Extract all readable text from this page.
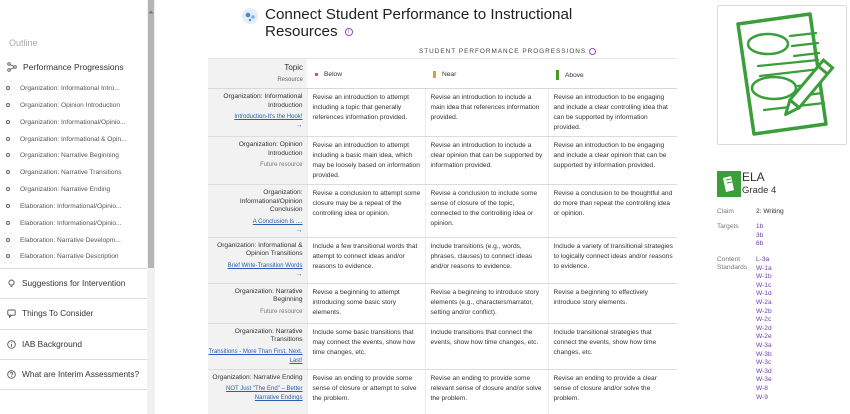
Outline
Performance Progressions
Organization: Informational Intro...
Organization: Opinion Introduction
Organization: Informational/Opinio...
Organization: Informational & Opin...
Organization: Narrative Beginning
Organization: Narrative Transitions
Organization: Narrative Ending
Elaboration: Informational/Opinio...
Elaboration: Informational/Opinio...
Elaboration: Narrative Developm...
Elaboration: Narrative Description
Suggestions for Intervention
Things To Consider
IAB Background
What are Interim Assessments?
Connect Student Performance to Instructional Resources i
STUDENT PERFORMANCE PROGRESSIONS
Topic
Resource	Below	Near	Above

Organization: Informational Introduction
Introduction-It's the Hook!
→	Revise an introduction to attempt including a topic that generally references information provided.	Revise an introduction to include a main idea that references information provided.	Revise an introduction to be engaging and include a clear controlling idea that can be supported by information provided.

Organization: Opinion Introduction
Future resource	Revise an introduction to attempt including a basic main idea, which may be loosely based on information provided.	Revise an introduction to include a clear opinion that can be supported by information provided.	Revise an introduction to be engaging and include a clear opinion that can be supported by information provided.

Organization: Informational/Opinion Conclusion
A Conclusion Is ....
→	Revise a conclusion to attempt some closure may be a repeat of the controlling idea or opinion.	Revise a conclusion to include some sense of closure of the topic, connected to the controlling idea or opinion.	Revise a conclusion to be thoughtful and do more than repeat the controlling idea or opinion.

Organization: Informational & Opinion Transitions
Brief Write-Transition Words
→	Include a few transitional words that attempt to connect ideas and/or reasons to evidence.	Include transitions (e.g., words, phrases, clauses) to connect ideas and/or reasons to evidence.	Include a variety of transitional strategies to logically connect ideas and/or reasons to evidence.

Organization: Narrative Beginning
Future resource	Revise a beginning to attempt introducing some basic story elements.	Revise a beginning to introduce story elements (e.g., characters/narrator, setting and/or conflict).	Revise a beginning to effectively introduce story elements.

Organization: Narrative Transitions
Transitions - More Than First, Next, Last!	Include some basic transitions that may connect the events, show how time changes, etc.	Include transitions that connect the events, show how time changes, etc.	Include transitional strategies that connect the events, show how time changes, etc.

Organization: Narrative Ending
NOT Just "The End" – Better Narrative Endings	Revise an ending to provide some sense of closure or attempt to solve the problem.	Revise an ending to provide some relevant sense of closure and/or solve the problem.	Revise an ending to provide a clear sense of closure and/or solve the problem.
ELA
Grade 4
Claim	2: Writing
Targets	1b
3b
6b
Content
Standards
L-3a
W-1a
W-1b
W-1c
W-1d
W-2a
W-2b
W-2c
W-2d
W-2e
W-3a
W-3b
W-3c
W-3d
W-3e
W-8
W-9
